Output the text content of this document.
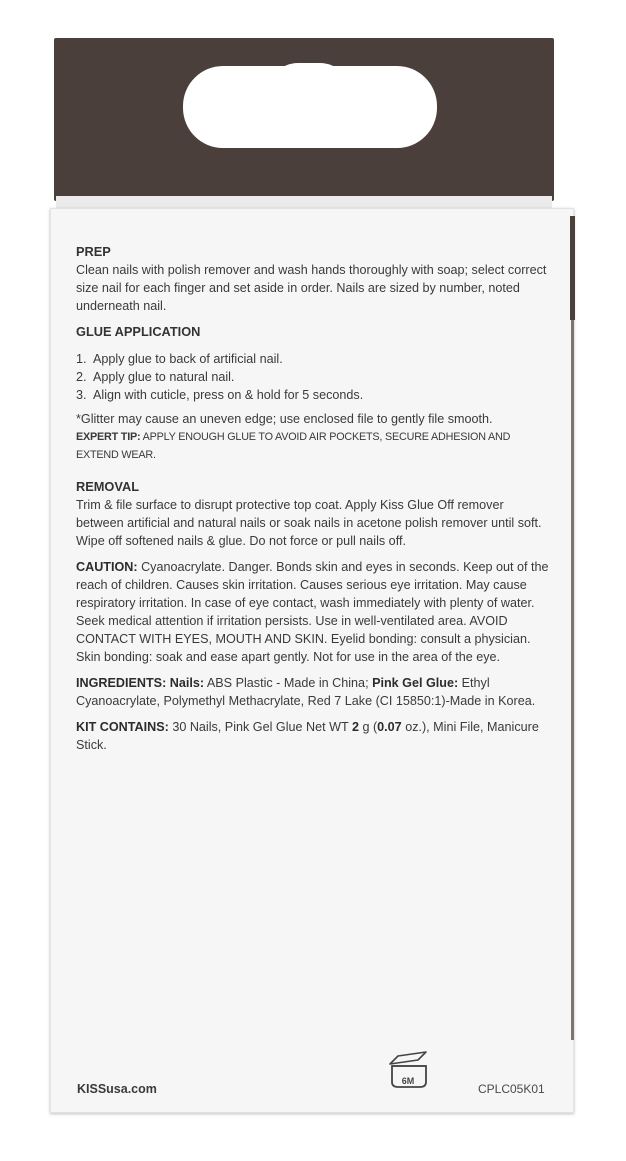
PREP

Clean nails with polish remover and wash hands thoroughly with soap; select correct size nail for each finger and set aside in order. Nails are sized by number, noted underneath nail.

GLUE APPLICATION
1. Apply glue to back of artificial nail.
2. Apply glue to natural nail.
3. Align with cuticle, press on & hold for 5 seconds.

*Glitter may cause an uneven edge; use enclosed file to gently file smooth.

EXPERT TIP: APPLY ENOUGH GLUE TO AVOID AIR POCKETS, SECURE ADHESION AND EXTEND WEAR.

REMOVAL

Trim & file surface to disrupt protective top coat. Apply Kiss Glue Off remover between artificial and natural nails or soak nails in acetone polish remover until soft. Wipe off softened nails & glue. Do not force or pull nails off.

CAUTION: Cyanoacrylate. Danger. Bonds skin and eyes in seconds. Keep out of the reach of children. Causes skin irritation. Causes serious eye irritation. May cause respiratory irritation. In case of eye contact, wash immediately with plenty of water. Seek medical attention if irritation persists. Use in well-ventilated area. AVOID CONTACT WITH EYES, MOUTH AND SKIN. Eyelid bonding: consult a physician. Skin bonding: soak and ease apart gently. Not for use in the area of the eye.

INGREDIENTS: Nails: ABS Plastic - Made in China; Pink Gel Glue: Ethyl Cyanoacrylate, Polymethyl Methacrylate, Red 7 Lake (CI 15850:1)-Made in Korea.

KIT CONTAINS: 30 Nails, Pink Gel Glue Net WT 2 g (0.07 oz.), Mini File, Manicure Stick.

6M
KISSusa.com	CPLC05K01
